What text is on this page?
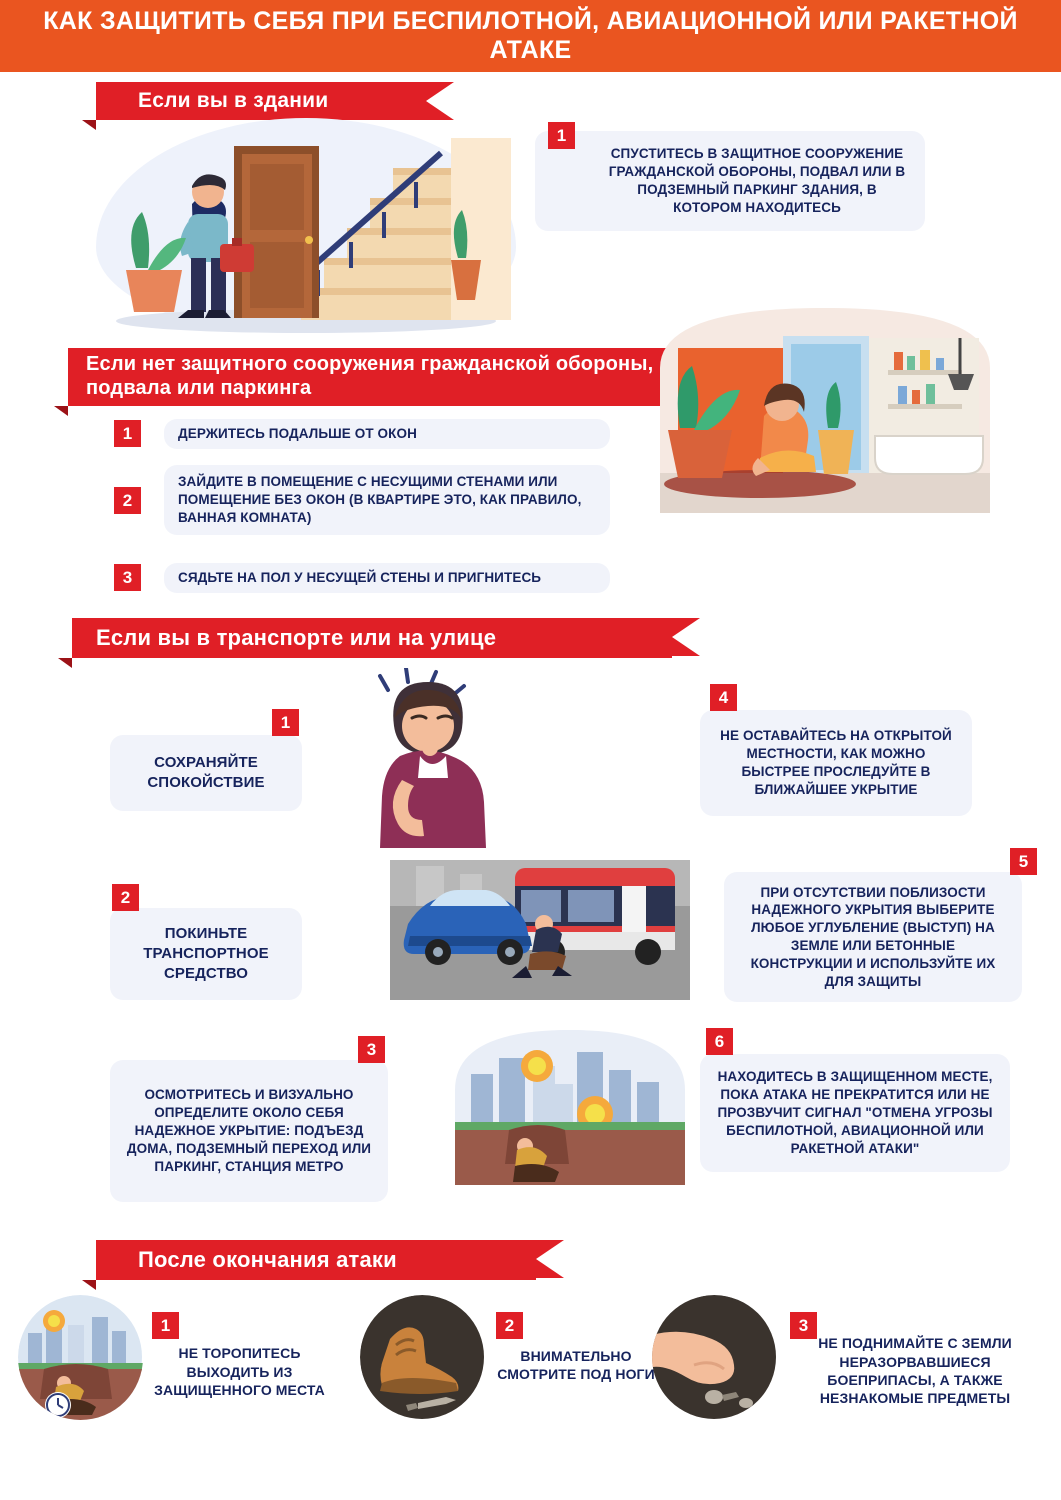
КАК ЗАЩИТИТЬ СЕБЯ ПРИ БЕСПИЛОТНОЙ, АВИАЦИОННОЙ ИЛИ РАКЕТНОЙ АТАКЕ
Если вы в здании
1
СПУСТИТЕСЬ В ЗАЩИТНОЕ СООРУЖЕНИЕ ГРАЖДАНСКОЙ ОБОРОНЫ, ПОДВАЛ ИЛИ В ПОДЗЕМНЫЙ ПАРКИНГ ЗДАНИЯ, В КОТОРОМ НАХОДИТЕСЬ
Если нет защитного сооружения гражданской обороны, подвала или паркинга
1	ДЕРЖИТЕСЬ ПОДАЛЬШЕ ОТ ОКОН
2
ЗАЙДИТЕ В ПОМЕЩЕНИЕ С НЕСУЩИМИ СТЕНАМИ ИЛИ ПОМЕЩЕНИЕ БЕЗ ОКОН (В КВАРТИРЕ ЭТО, КАК ПРАВИЛО, ВАННАЯ КОМНАТА)
3	СЯДЬТЕ НА ПОЛ У НЕСУЩЕЙ СТЕНЫ И ПРИГНИТЕСЬ
Если вы в транспорте или на улице
1
СОХРАНЯЙТЕ СПОКОЙСТВИЕ
4
НЕ ОСТАВАЙТЕСЬ НА ОТКРЫТОЙ МЕСТНОСТИ, КАК МОЖНО БЫСТРЕЕ ПРОСЛЕДУЙТЕ В БЛИЖАЙШЕЕ УКРЫТИЕ
2
ПОКИНЬТЕ ТРАНСПОРТНОЕ СРЕДСТВО
5
ПРИ ОТСУТСТВИИ ПОБЛИЗОСТИ НАДЕЖНОГО УКРЫТИЯ ВЫБЕРИТЕ ЛЮБОЕ УГЛУБЛЕНИЕ (ВЫСТУП) НА ЗЕМЛЕ ИЛИ БЕТОННЫЕ КОНСТРУКЦИИ И ИСПОЛЬЗУЙТЕ ИХ ДЛЯ ЗАЩИТЫ
3
ОСМОТРИТЕСЬ И ВИЗУАЛЬНО ОПРЕДЕЛИТЕ ОКОЛО СЕБЯ НАДЕЖНОЕ УКРЫТИЕ: ПОДЪЕЗД ДОМА, ПОДЗЕМНЫЙ ПЕРЕХОД ИЛИ ПАРКИНГ, СТАНЦИЯ МЕТРО
6
НАХОДИТЕСЬ В ЗАЩИЩЕННОМ МЕСТЕ, ПОКА АТАКА НЕ ПРЕКРАТИТСЯ ИЛИ НЕ ПРОЗВУЧИТ СИГНАЛ "ОТМЕНА УГРОЗЫ БЕСПИЛОТНОЙ, АВИАЦИОННОЙ ИЛИ РАКЕТНОЙ АТАКИ"
После окончания атаки
1
НЕ ТОРОПИТЕСЬ ВЫХОДИТЬ ИЗ ЗАЩИЩЕННОГО МЕСТА
2
ВНИМАТЕЛЬНО СМОТРИТЕ ПОД НОГИ
3
НЕ ПОДНИМАЙТЕ С ЗЕМЛИ НЕРАЗОРВАВШИЕСЯ БОЕПРИПАСЫ, А ТАКЖЕ НЕЗНАКОМЫЕ ПРЕДМЕТЫ
